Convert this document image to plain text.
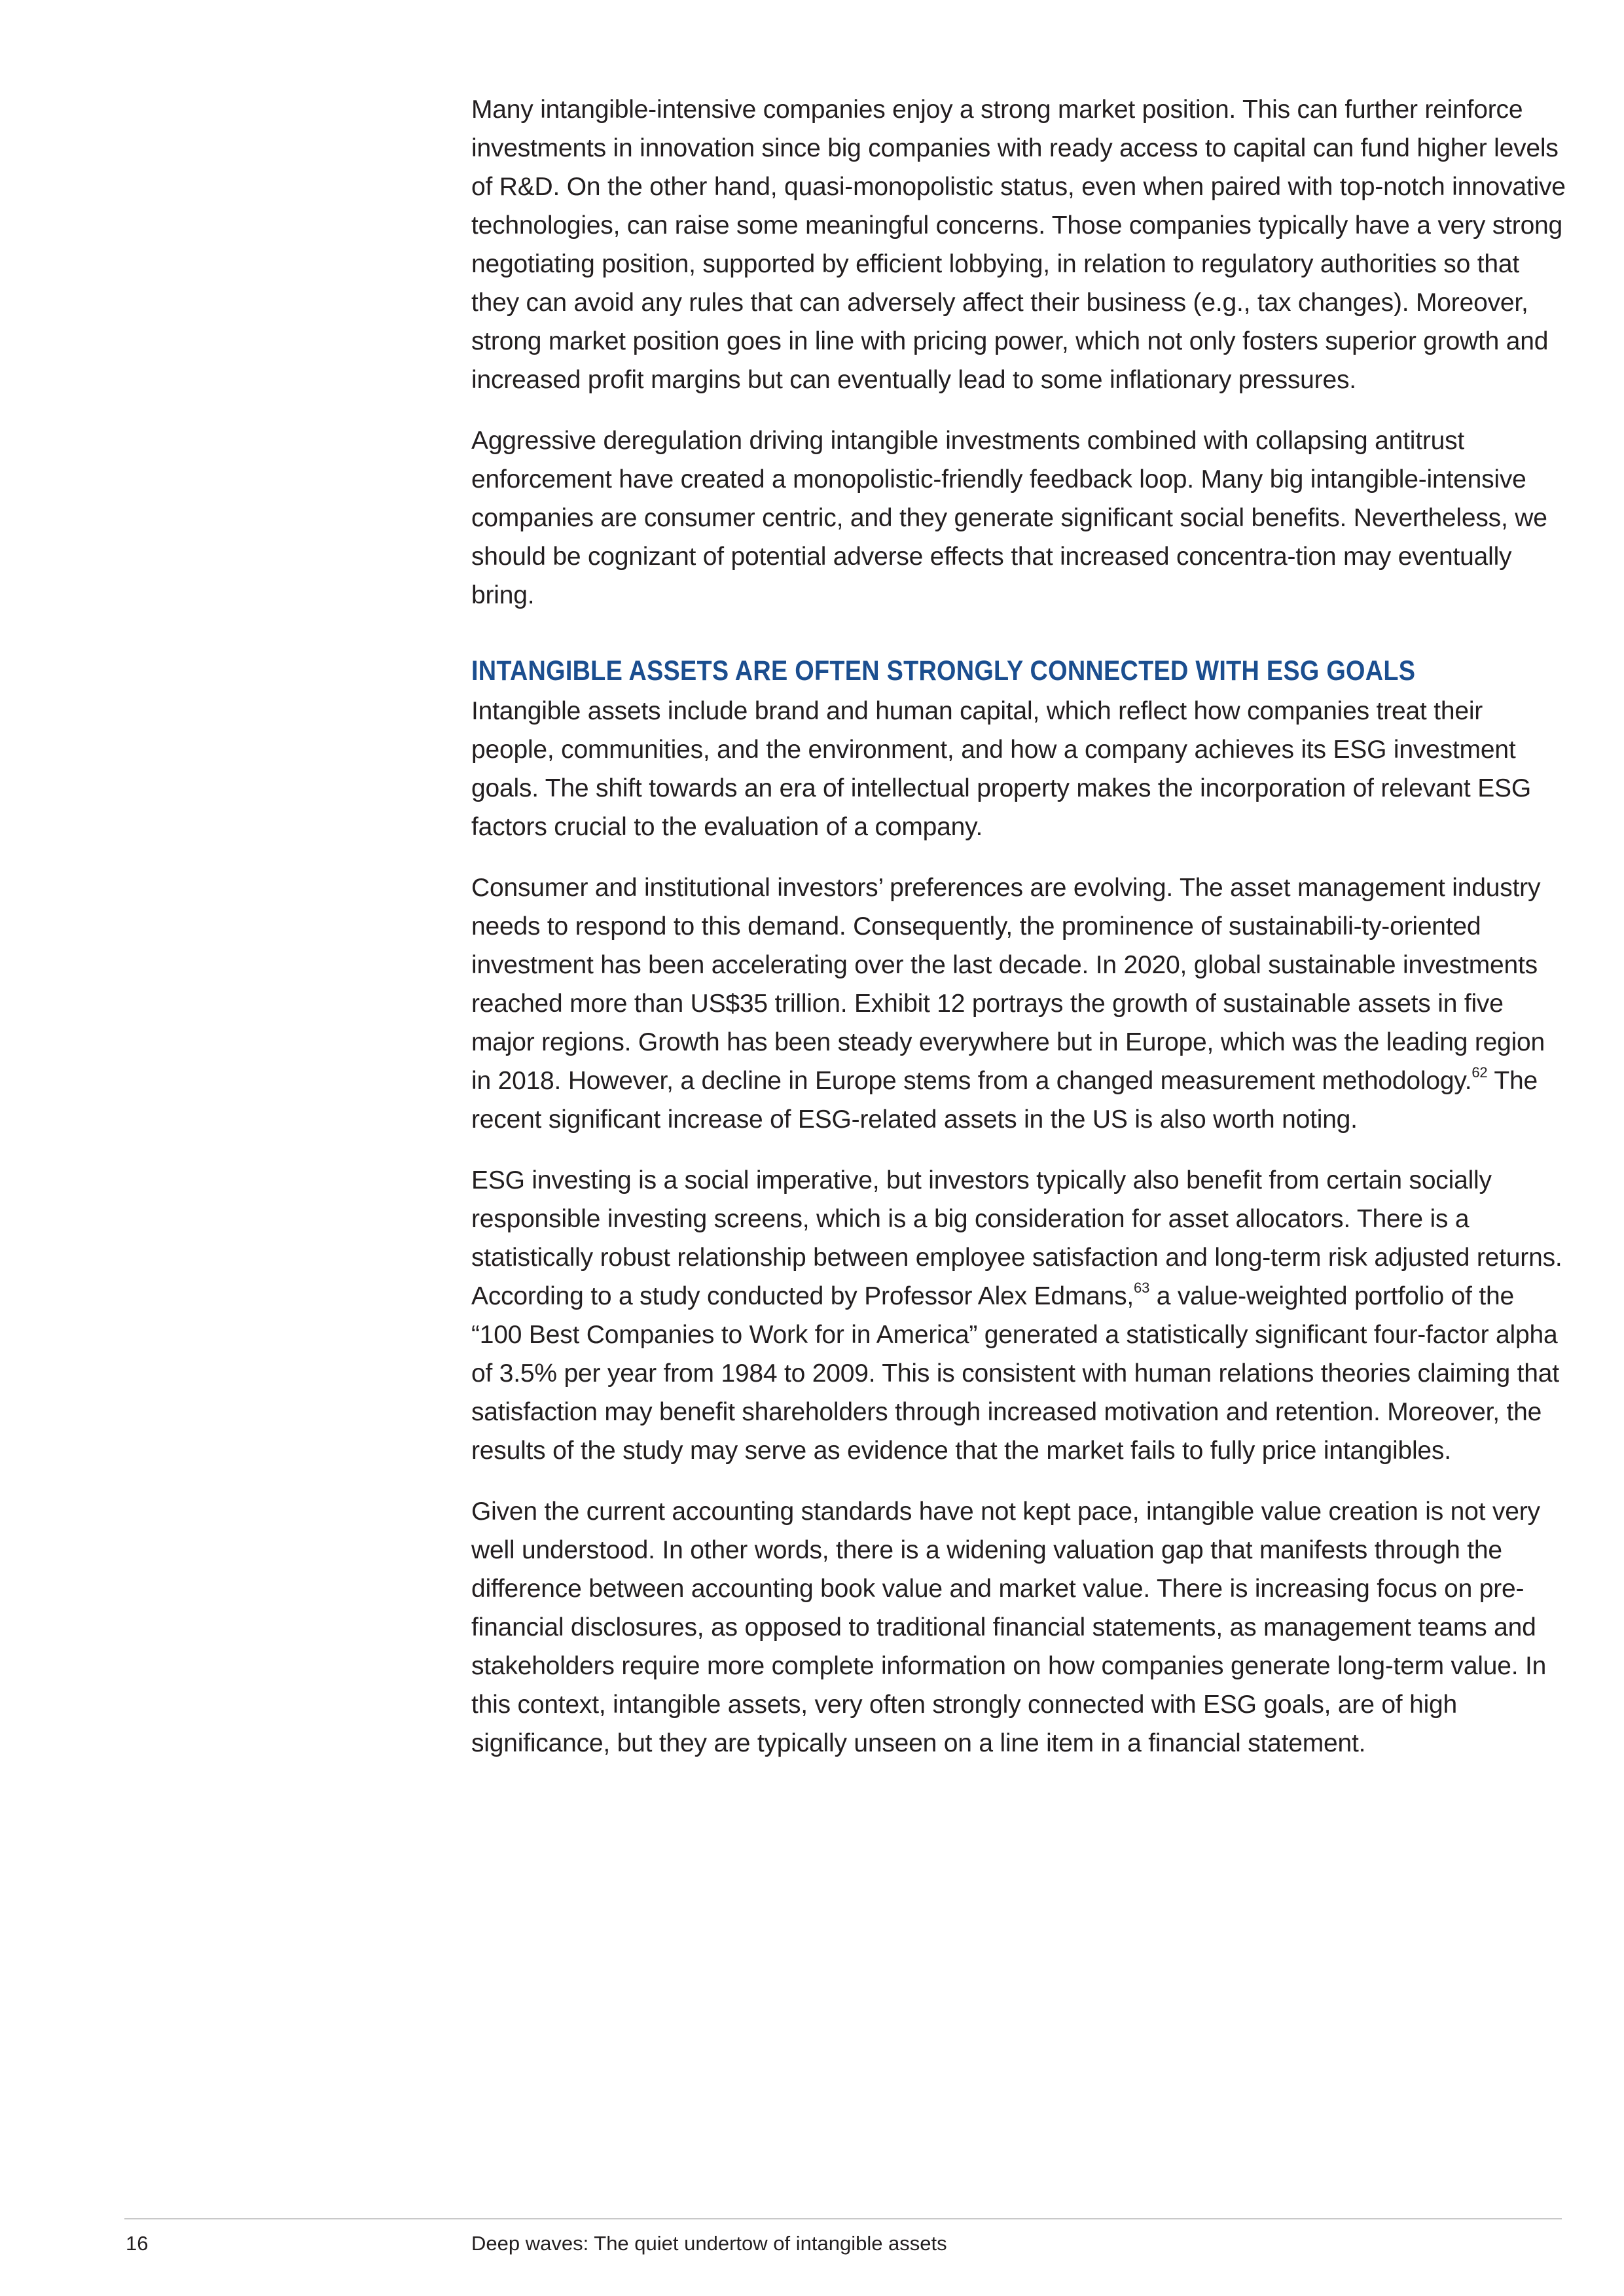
Many intangible-intensive companies enjoy a strong market position. This can further reinforce investments in innovation since big companies with ready access to capital can fund higher levels of R&D. On the other hand, quasi-monopolistic status, even when paired with top-notch innovative technologies, can raise some meaningful concerns. Those companies typically have a very strong negotiating position, supported by efficient lobbying, in relation to regulatory authorities so that they can avoid any rules that can adversely affect their business (e.g., tax changes). Moreover, strong market position goes in line with pricing power, which not only fosters superior growth and increased profit margins but can eventually lead to some inflationary pressures.

Aggressive deregulation driving intangible investments combined with collapsing antitrust enforcement have created a monopolistic-friendly feedback loop. Many big intangible-intensive companies are consumer centric, and they generate significant social benefits. Nevertheless, we should be cognizant of potential adverse effects that increased concentra-tion may eventually bring.

INTANGIBLE ASSETS ARE OFTEN STRONGLY CONNECTED WITH ESG GOALS

Intangible assets include brand and human capital, which reflect how companies treat their people, communities, and the environment, and how a company achieves its ESG investment goals. The shift towards an era of intellectual property makes the incorporation of relevant ESG factors crucial to the evaluation of a company.

Consumer and institutional investors’ preferences are evolving. The asset management industry needs to respond to this demand. Consequently, the prominence of sustainabili-ty-oriented investment has been accelerating over the last decade. In 2020, global sustainable investments reached more than US$35 trillion. Exhibit 12 portrays the growth of sustainable assets in five major regions. Growth has been steady everywhere but in Europe, which was the leading region in 2018. However, a decline in Europe stems from a changed measurement methodology.$^{62}$ The recent significant increase of ESG-related assets in the US is also worth noting.

ESG investing is a social imperative, but investors typically also benefit from certain socially responsible investing screens, which is a big consideration for asset allocators. There is a statistically robust relationship between employee satisfaction and long-term risk adjusted returns. According to a study conducted by Professor Alex Edmans,$^{63}$ a value-weighted portfolio of the “100 Best Companies to Work for in America” generated a statistically significant four-factor alpha of 3.5% per year from 1984 to 2009. This is consistent with human relations theories claiming that satisfaction may benefit shareholders through increased motivation and retention. Moreover, the results of the study may serve as evidence that the market fails to fully price intangibles.

Given the current accounting standards have not kept pace, intangible value creation is not very well understood. In other words, there is a widening valuation gap that manifests through the difference between accounting book value and market value. There is increasing focus on pre-financial disclosures, as opposed to traditional financial statements, as management teams and stakeholders require more complete information on how companies generate long-term value. In this context, intangible assets, very often strongly connected with ESG goals, are of high significance, but they are typically unseen on a line item in a financial statement.

16	Deep waves: The quiet undertow of intangible assets
